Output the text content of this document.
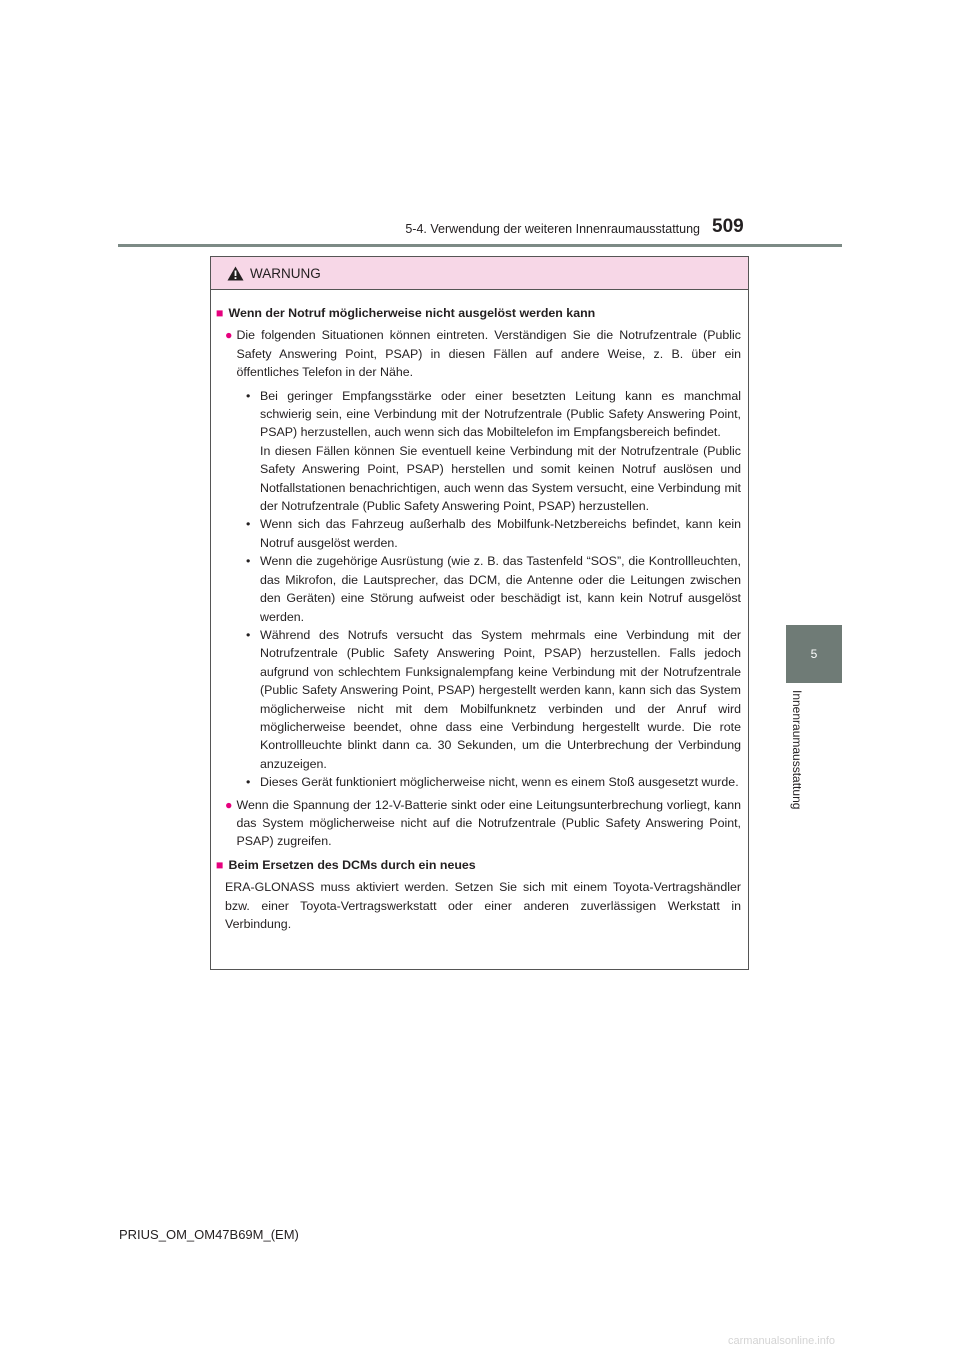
5-4. Verwendung der weiteren Innenraumausstattung 509
5
Innenraumausstattung
WARNUNG
■ Wenn der Notruf möglicherweise nicht ausgelöst werden kann
● Die folgenden Situationen können eintreten. Verständigen Sie die Notrufzentrale (Public Safety Answering Point, PSAP) in diesen Fällen auf andere Weise, z. B. über ein öffentliches Telefon in der Nähe.
• Bei geringer Empfangsstärke oder einer besetzten Leitung kann es manchmal schwierig sein, eine Verbindung mit der Notrufzentrale (Public Safety Answering Point, PSAP) herzustellen, auch wenn sich das Mobiltelefon im Empfangsbereich befindet.
In diesen Fällen können Sie eventuell keine Verbindung mit der Notrufzentrale (Public Safety Answering Point, PSAP) herstellen und somit keinen Notruf auslösen und Notfallstationen benachrichtigen, auch wenn das System versucht, eine Verbindung mit der Notrufzentrale (Public Safety Answering Point, PSAP) herzustellen.
• Wenn sich das Fahrzeug außerhalb des Mobilfunk-Netzbereichs befindet, kann kein Notruf ausgelöst werden.
• Wenn die zugehörige Ausrüstung (wie z. B. das Tastenfeld “SOS”, die Kontrollleuchten, das Mikrofon, die Lautsprecher, das DCM, die Antenne oder die Leitungen zwischen den Geräten) eine Störung aufweist oder beschädigt ist, kann kein Notruf ausgelöst werden.
• Während des Notrufs versucht das System mehrmals eine Verbindung mit der Notrufzentrale (Public Safety Answering Point, PSAP) herzustellen. Falls jedoch aufgrund von schlechtem Funksignalempfang keine Verbindung mit der Notrufzentrale (Public Safety Answering Point, PSAP) hergestellt werden kann, kann sich das System möglicherweise nicht mit dem Mobilfunknetz verbinden und der Anruf wird möglicherweise beendet, ohne dass eine Verbindung hergestellt wurde. Die rote Kontrollleuchte blinkt dann ca. 30 Sekunden, um die Unterbrechung der Verbindung anzuzeigen.
• Dieses Gerät funktioniert möglicherweise nicht, wenn es einem Stoß ausgesetzt wurde.
● Wenn die Spannung der 12-V-Batterie sinkt oder eine Leitungsunterbrechung vorliegt, kann das System möglicherweise nicht auf die Notrufzentrale (Public Safety Answering Point, PSAP) zugreifen.
■ Beim Ersetzen des DCMs durch ein neues
ERA-GLONASS muss aktiviert werden. Setzen Sie sich mit einem Toyota-Vertragshändler bzw. einer Toyota-Vertragswerkstatt oder einer anderen zuverlässigen Werkstatt in Verbindung.
PRIUS_OM_OM47B69M_(EM)
carmanualsonline.info
